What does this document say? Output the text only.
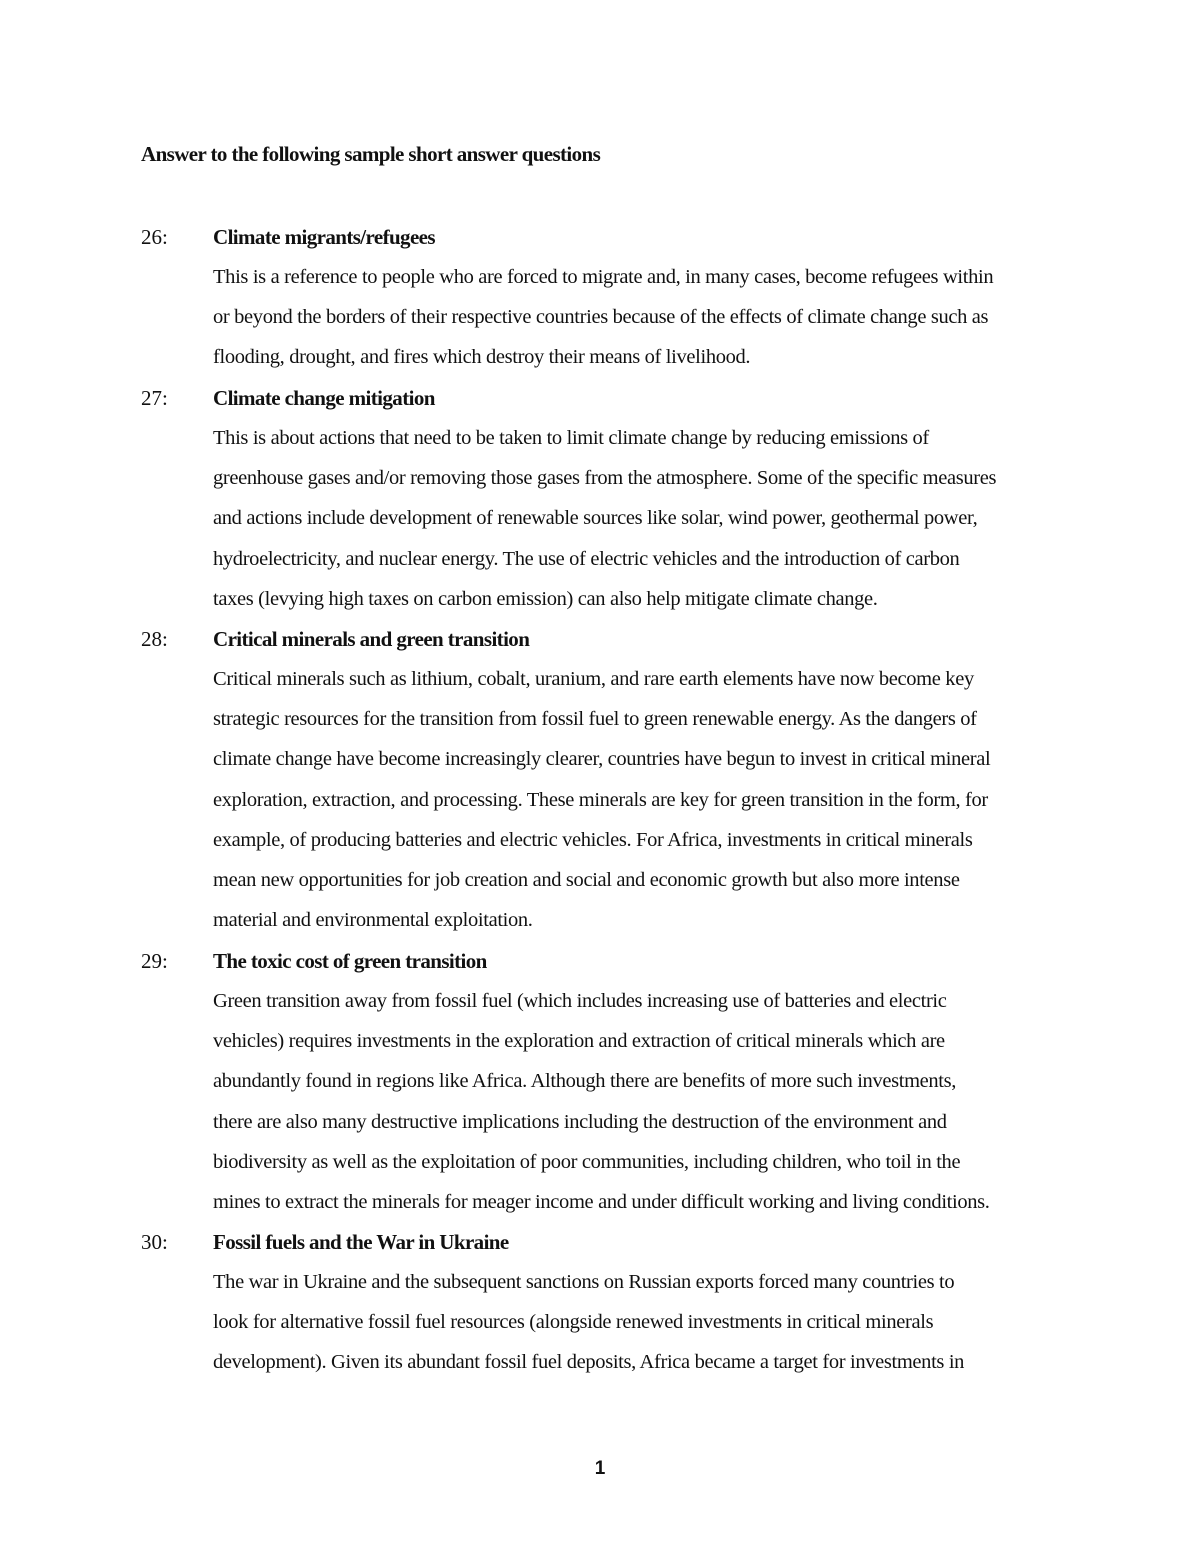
Answer to the following sample short answer questions
26: Climate migrants/refugees

This is a reference to people who are forced to migrate and, in many cases, become refugees within
or beyond the borders of their respective countries because of the effects of climate change such as
flooding, drought, and fires which destroy their means of livelihood.

27: Climate change mitigation

This is about actions that need to be taken to limit climate change by reducing emissions of
greenhouse gases and/or removing those gases from the atmosphere. Some of the specific measures
and actions include development of renewable sources like solar, wind power, geothermal power,
hydroelectricity, and nuclear energy. The use of electric vehicles and the introduction of carbon
taxes (levying high taxes on carbon emission) can also help mitigate climate change.

28: Critical minerals and green transition

Critical minerals such as lithium, cobalt, uranium, and rare earth elements have now become key
strategic resources for the transition from fossil fuel to green renewable energy. As the dangers of
climate change have become increasingly clearer, countries have begun to invest in critical mineral
exploration, extraction, and processing. These minerals are key for green transition in the form, for
example, of producing batteries and electric vehicles. For Africa, investments in critical minerals
mean new opportunities for job creation and social and economic growth but also more intense
material and environmental exploitation.

29: The toxic cost of green transition

Green transition away from fossil fuel (which includes increasing use of batteries and electric
vehicles) requires investments in the exploration and extraction of critical minerals which are
abundantly found in regions like Africa. Although there are benefits of more such investments,
there are also many destructive implications including the destruction of the environment and
biodiversity as well as the exploitation of poor communities, including children, who toil in the
mines to extract the minerals for meager income and under difficult working and living conditions.

30: Fossil fuels and the War in Ukraine

The war in Ukraine and the subsequent sanctions on Russian exports forced many countries to
look for alternative fossil fuel resources (alongside renewed investments in critical minerals
development). Given its abundant fossil fuel deposits, Africa became a target for investments in

1
